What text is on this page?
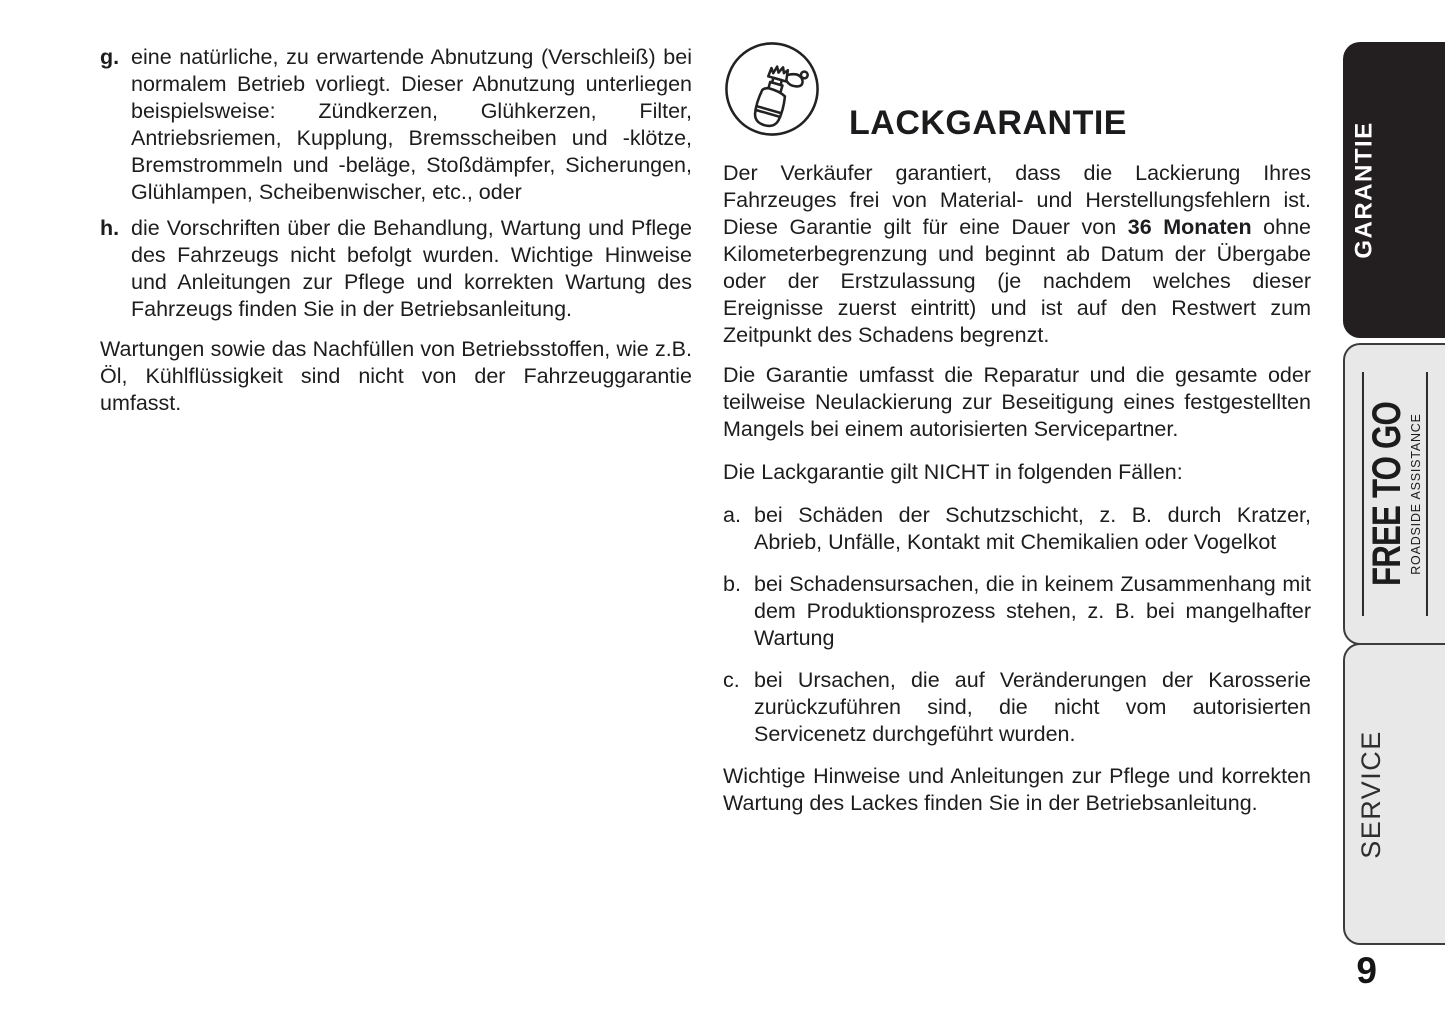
g. eine natürliche, zu erwartende Abnutzung (Verschleiß) bei normalem Betrieb vorliegt. Dieser Abnutzung unterliegen beispielsweise: Zündkerzen, Glühkerzen, Filter, Antriebsriemen, Kupplung, Bremsscheiben und -klötze, Bremstrommeln und -beläge, Stoßdämpfer, Sicherungen, Glühlampen, Scheibenwischer, etc., oder
h. die Vorschriften über die Behandlung, Wartung und Pflege des Fahrzeugs nicht befolgt wurden. Wichtige Hinweise und Anleitungen zur Pflege und korrekten Wartung des Fahrzeugs finden Sie in der Betriebsanleitung.
Wartungen sowie das Nachfüllen von Betriebsstoffen, wie z.B. Öl, Kühlflüssigkeit sind nicht von der Fahrzeuggarantie umfasst.
LACKGARANTIE

Der Verkäufer garantiert, dass die Lackierung Ihres Fahrzeuges frei von Material- und Herstellungsfehlern ist. Diese Garantie gilt für eine Dauer von 36 Monaten ohne Kilometerbegrenzung und beginnt ab Datum der Übergabe oder der Erstzulassung (je nachdem welches dieser Ereignisse zuerst eintritt) und ist auf den Restwert zum Zeitpunkt des Schadens begrenzt.

Die Garantie umfasst die Reparatur und die gesamte oder teilweise Neulackierung zur Beseitigung eines festgestellten Mangels bei einem autorisierten Servicepartner.

Die Lackgarantie gilt NICHT in folgenden Fällen:

a. bei Schäden der Schutzschicht, z. B. durch Kratzer, Abrieb, Unfälle, Kontakt mit Chemikalien oder Vogelkot
b. bei Schadensursachen, die in keinem Zusammenhang mit dem Produktionsprozess stehen, z. B. bei mangelhafter Wartung
c. bei Ursachen, die auf Veränderungen der Karosserie zurückzuführen sind, die nicht vom autorisierten Servicenetz durchgeführt wurden.

Wichtige Hinweise und Anleitungen zur Pflege und korrekten Wartung des Lackes finden Sie in der Betriebsanleitung.

GARANTIE
FREE TO GO ROADSIDE ASSISTANCE
SERVICE
9
